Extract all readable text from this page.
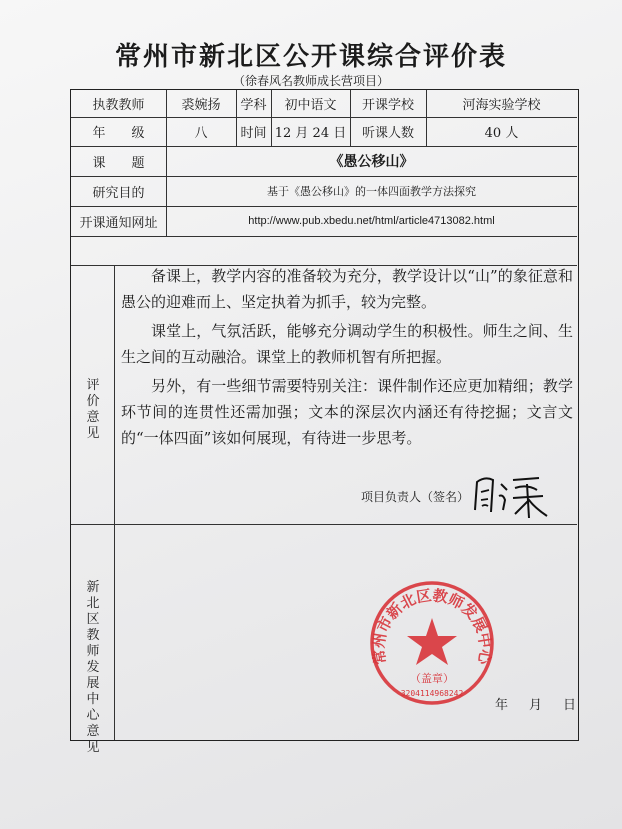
常州市新北区公开课综合评价表
（徐春风名教师成长营项目）
执教教师	裘婉扬	学科	初中语文	开课学校	河海实验学校
年　　级	八	时间 12 月 24 日	听课人数	40 人
课　　题	《愚公移山》
研究目的	基于《愚公移山》的一体四面教学方法探究
开课通知网址	http://www.pub.xbedu.net/html/article4713082.html
评价意见

备课上，教学内容的准备较为充分，教学设计以“山”的象征意和愚公的迎难而上、坚定执着为抓手，较为完整。

课堂上，气氛活跃，能够充分调动学生的积极性。师生之间、生生之间的互动融洽。课堂上的教师机智有所把握。

另外，有一些细节需要特别关注：课件制作还应更加精细；教学环节间的连贯性还需加强；文本的深层次内涵还有待挖掘；文言文的“一体四面”该如何展现，有待进一步思考。

项目负责人（签名）
新北区教师发展中心意见
常州市新北区教师发展中心
（盖章）
3204114968242
年 月 日
